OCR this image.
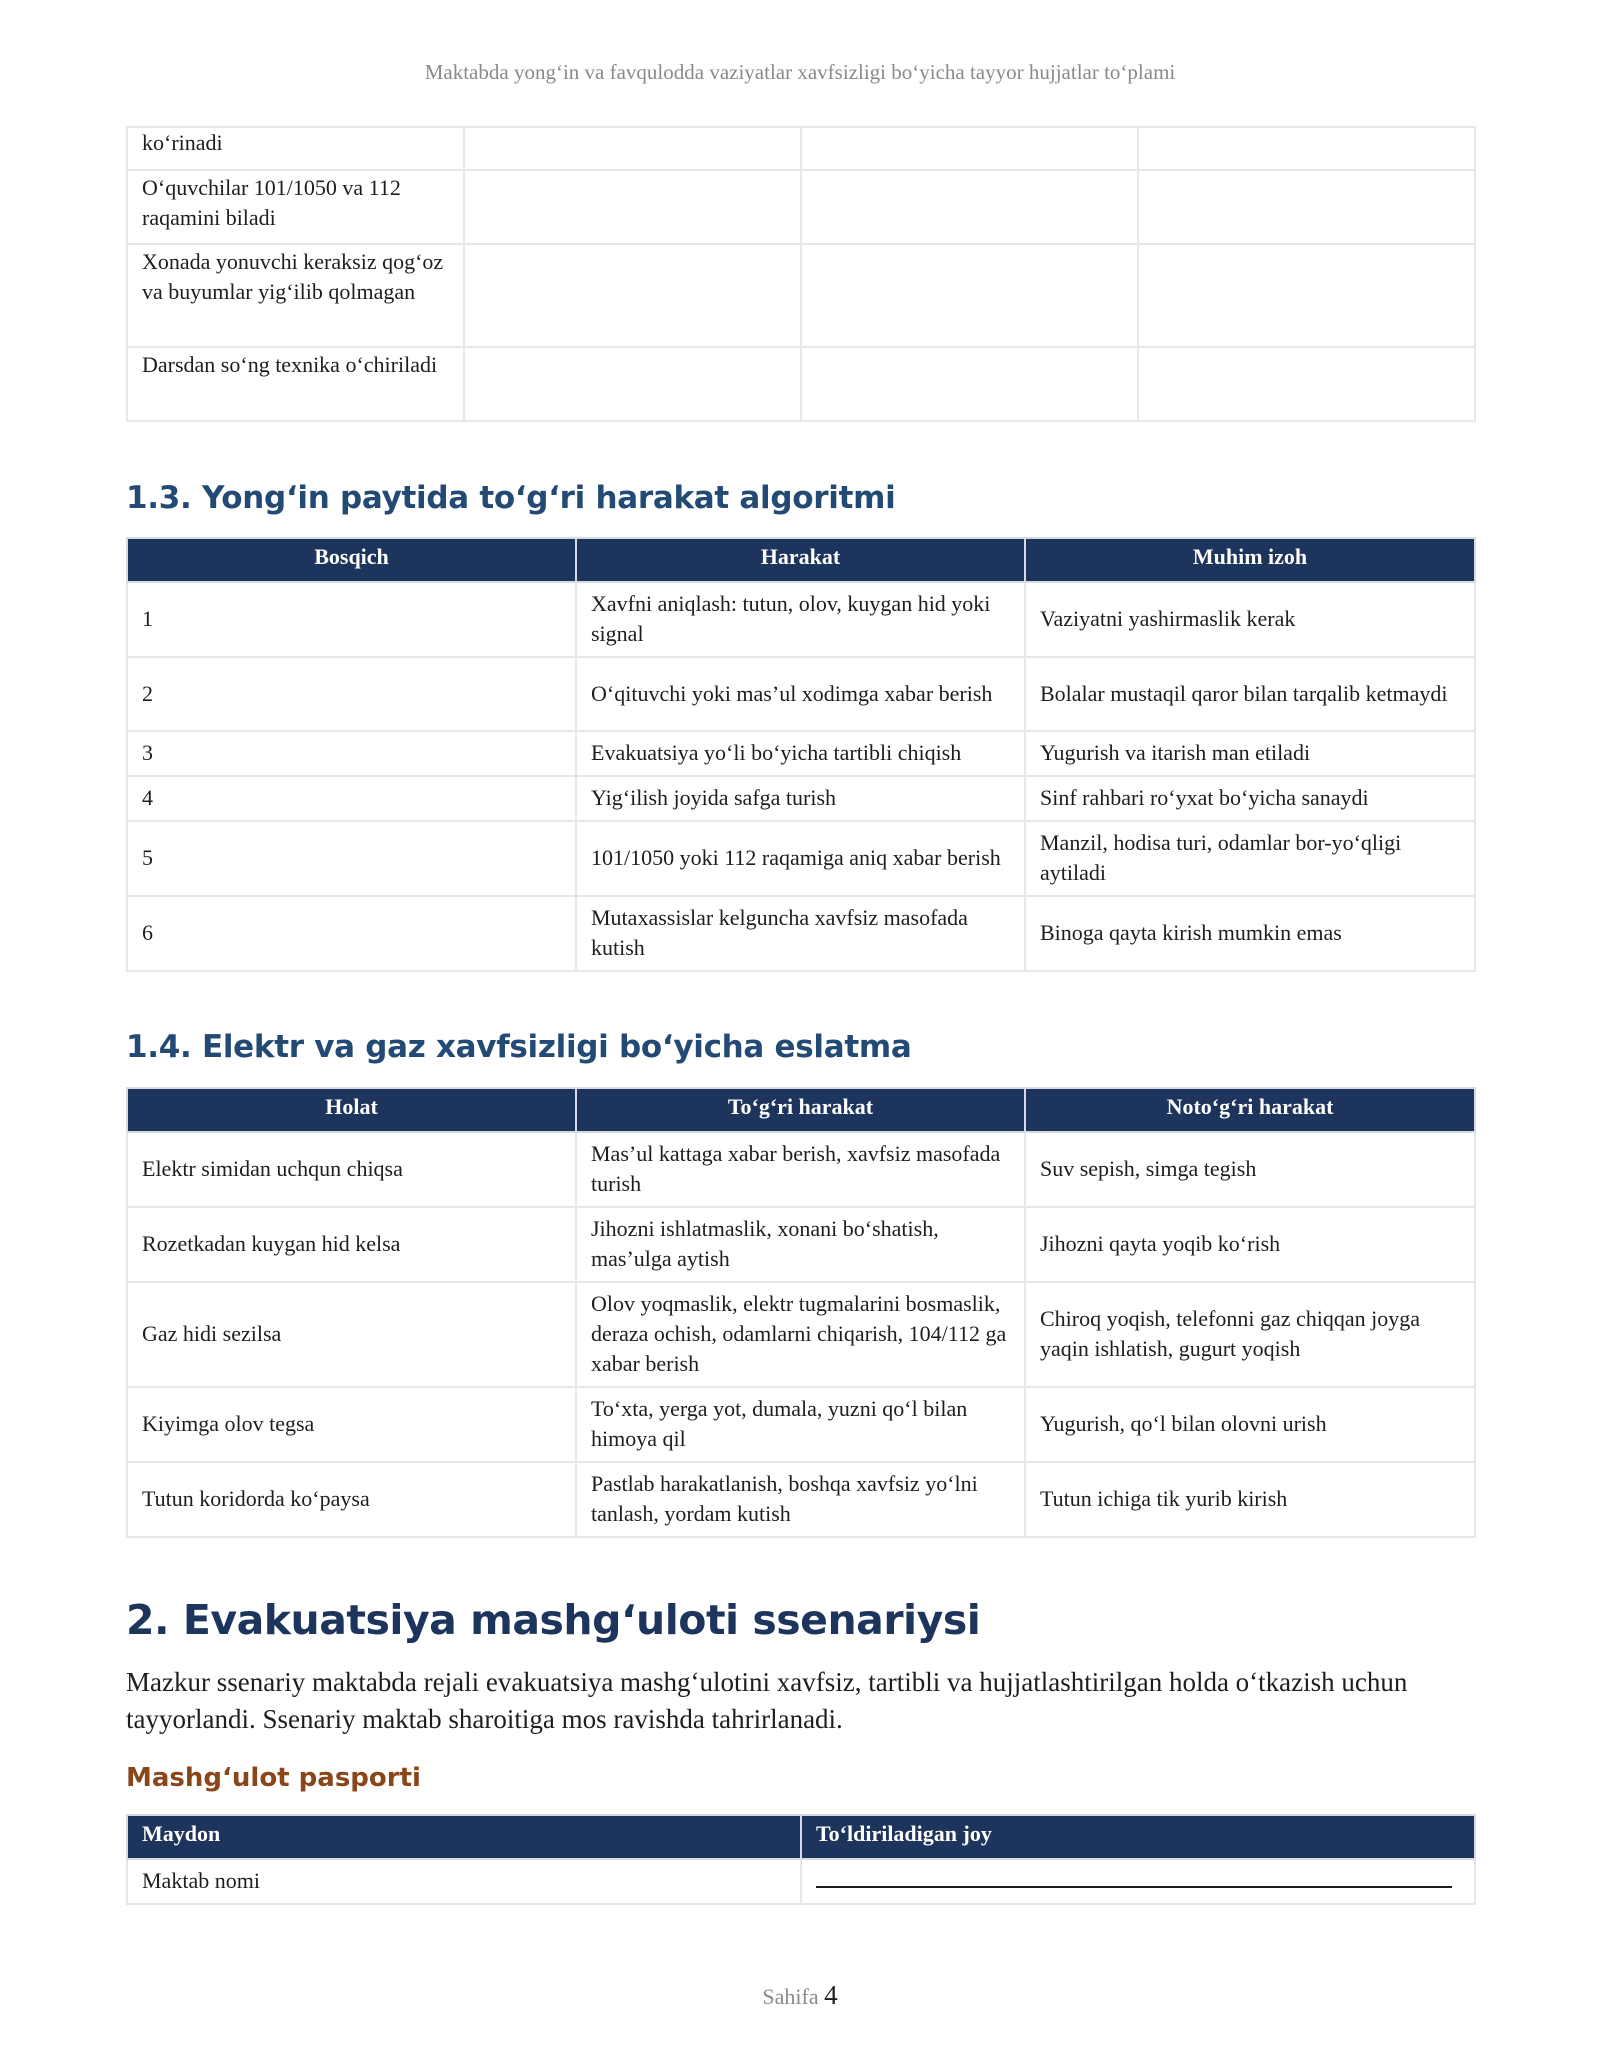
Maktabda yong‘in va favqulodda vaziyatlar xavfsizligi bo‘yicha tayyor hujjatlar to‘plami
ko‘rinadi			
O‘quvchilar 101/1050 va 112 raqamini biladi			
Xonada yonuvchi keraksiz qog‘oz va buyumlar yig‘ilib qolmagan			
Darsdan so‘ng texnika o‘chiriladi			
1.3. Yong‘in paytida to‘g‘ri harakat algoritmi
Bosqich	Harakat	Muhim izoh
1	Xavfni aniqlash: tutun, olov, kuygan hid yoki signal	Vaziyatni yashirmaslik kerak
2	O‘qituvchi yoki mas’ul xodimga xabar berish	Bolalar mustaqil qaror bilan tarqalib ketmaydi
3	Evakuatsiya yo‘li bo‘yicha tartibli chiqish	Yugurish va itarish man etiladi
4	Yig‘ilish joyida safga turish	Sinf rahbari ro‘yxat bo‘yicha sanaydi
5	101/1050 yoki 112 raqamiga aniq xabar berish	Manzil, hodisa turi, odamlar bor-yo‘qligi aytiladi
6	Mutaxassislar kelguncha xavfsiz masofada kutish	Binoga qayta kirish mumkin emas
1.4. Elektr va gaz xavfsizligi bo‘yicha eslatma
Holat	To‘g‘ri harakat	Noto‘g‘ri harakat
Elektr simidan uchqun chiqsa	Mas’ul kattaga xabar berish, xavfsiz masofada turish	Suv sepish, simga tegish
Rozetkadan kuygan hid kelsa	Jihozni ishlatmaslik, xonani bo‘shatish, mas’ulga aytish	Jihozni qayta yoqib ko‘rish
Gaz hidi sezilsa	Olov yoqmaslik, elektr tugmalarini bosmaslik, deraza ochish, odamlarni chiqarish, 104/112 ga xabar berish	Chiroq yoqish, telefonni gaz chiqqan joyga yaqin ishlatish, gugurt yoqish
Kiyimga olov tegsa	To‘xta, yerga yot, dumala, yuzni qo‘l bilan himoya qil	Yugurish, qo‘l bilan olovni urish
Tutun koridorda ko‘paysa	Pastlab harakatlanish, boshqa xavfsiz yo‘lni tanlash, yordam kutish	Tutun ichiga tik yurib kirish
2. Evakuatsiya mashg‘uloti ssenariysi

Mazkur ssenariy maktabda rejali evakuatsiya mashg‘ulotini xavfsiz, tartibli va hujjatlashtirilgan holda o‘tkazish uchun tayyorlandi. Ssenariy maktab sharoitiga mos ravishda tahrirlanadi.

Mashg‘ulot pasporti
Maydon	To‘ldiriladigan joy
Maktab nomi	
Sahifa 4
